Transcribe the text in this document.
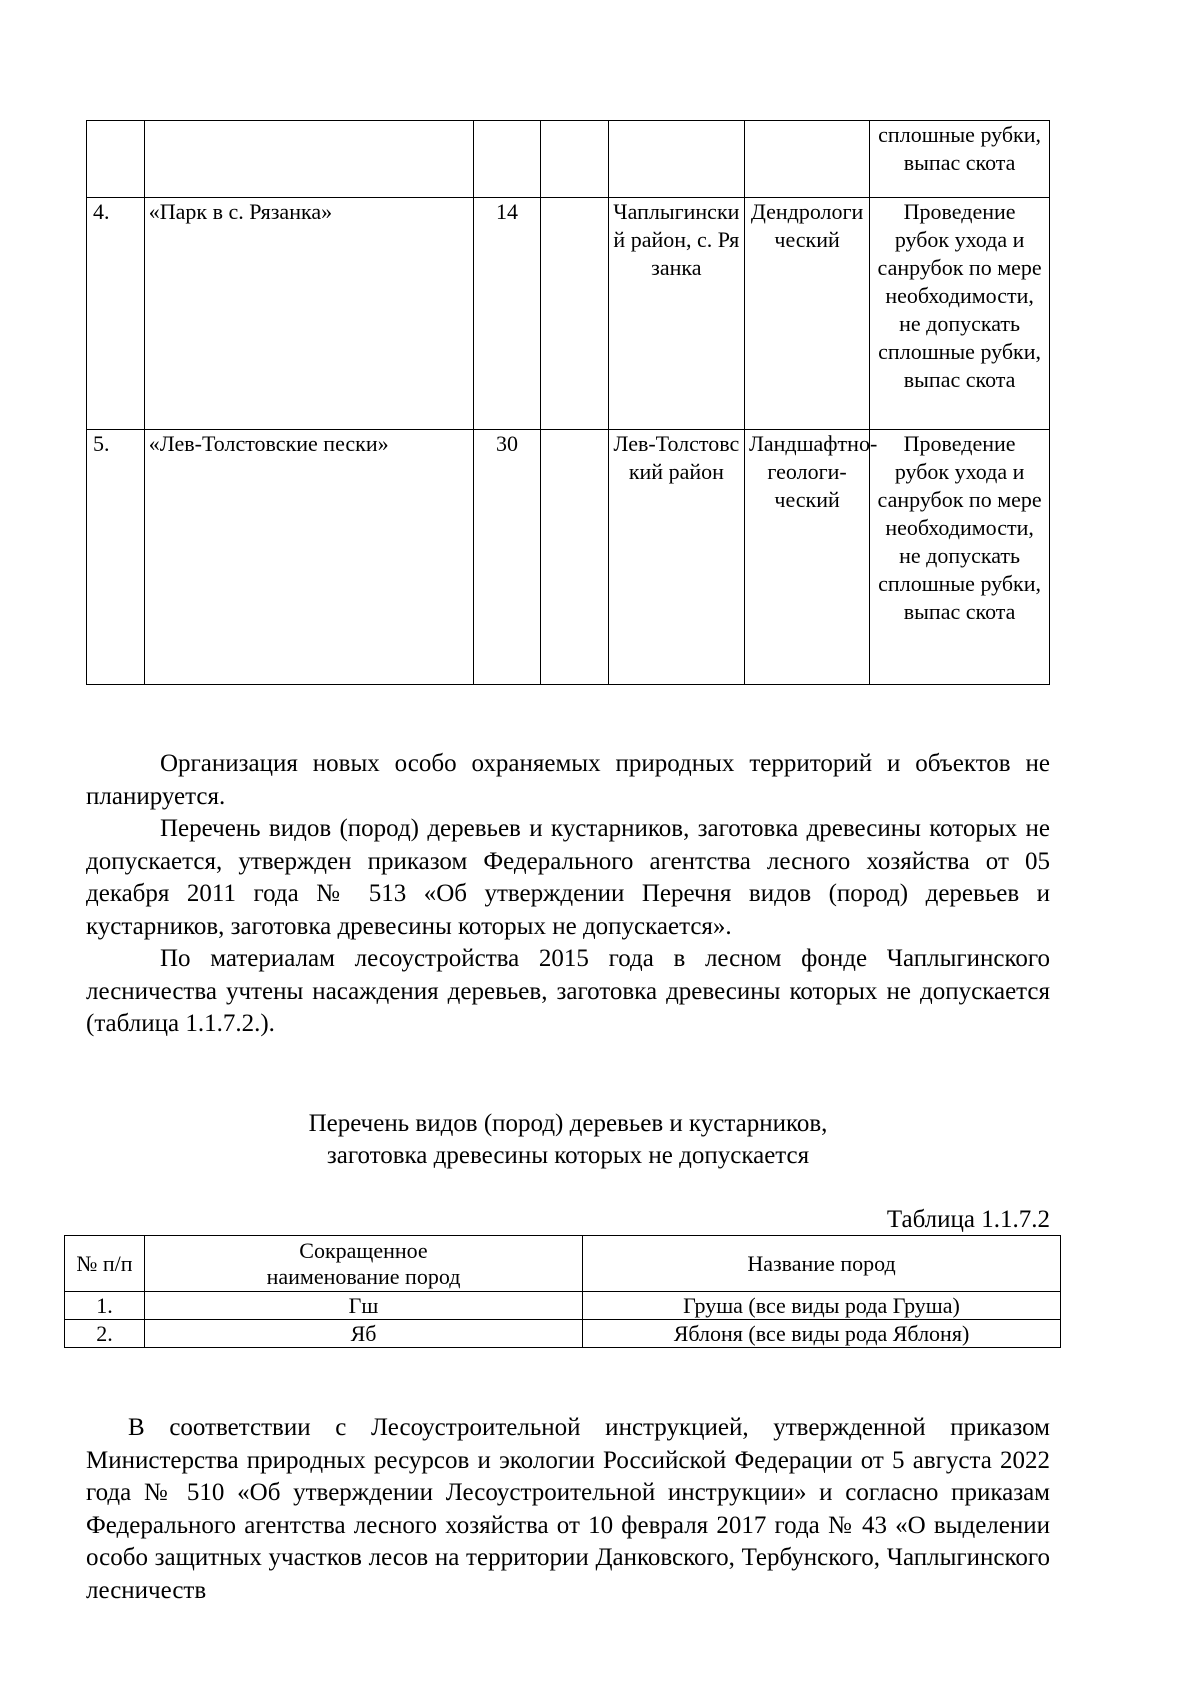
						сплошные рубки, выпас скота
4.	«Парк в с. Рязанка»	14		Чаплыгинский район, с. Рязанка	Дендрологический	Проведение рубок ухода и санрубок по мере необходимости, не допускать сплошные рубки, выпас скота
5.	«Лев-Толстовские пески»	30		Лев-Толстовский район	Ландшафтно-геологи-ческий	Проведение рубок ухода и санрубок по мере необходимости, не допускать сплошные рубки, выпас скота

Организация новых особо охраняемых природных территорий и объектов не планируется.

Перечень видов (пород) деревьев и кустарников, заготовка древесины которых не допускается, утвержден приказом Федерального агентства лесного хозяйства от 05 декабря 2011 года № 513 «Об утверждении Перечня видов (пород) деревьев и кустарников, заготовка древесины которых не допускается».

По материалам лесоустройства 2015 года в лесном фонде Чаплыгинского лесничества учтены насаждения деревьев, заготовка древесины которых не допускается (таблица 1.1.7.2.).

Перечень видов (пород) деревьев и кустарников,
заготовка древесины которых не допускается
Таблица 1.1.7.2
№ п/п	Сокращенное наименование пород	Название пород
1.	Гш	Груша (все виды рода Груша)
2.	Яб	Яблоня (все виды рода Яблоня)

В соответствии с Лесоустроительной инструкцией, утвержденной приказом Министерства природных ресурсов и экологии Российской Федерации от 5 августа 2022 года № 510 «Об утверждении Лесоустроительной инструкции» и согласно приказам Федерального агентства лесного хозяйства от 10 февраля 2017 года № 43 «О выделении особо защитных участков лесов на территории Данковского, Тербунского, Чаплыгинского лесничеств
